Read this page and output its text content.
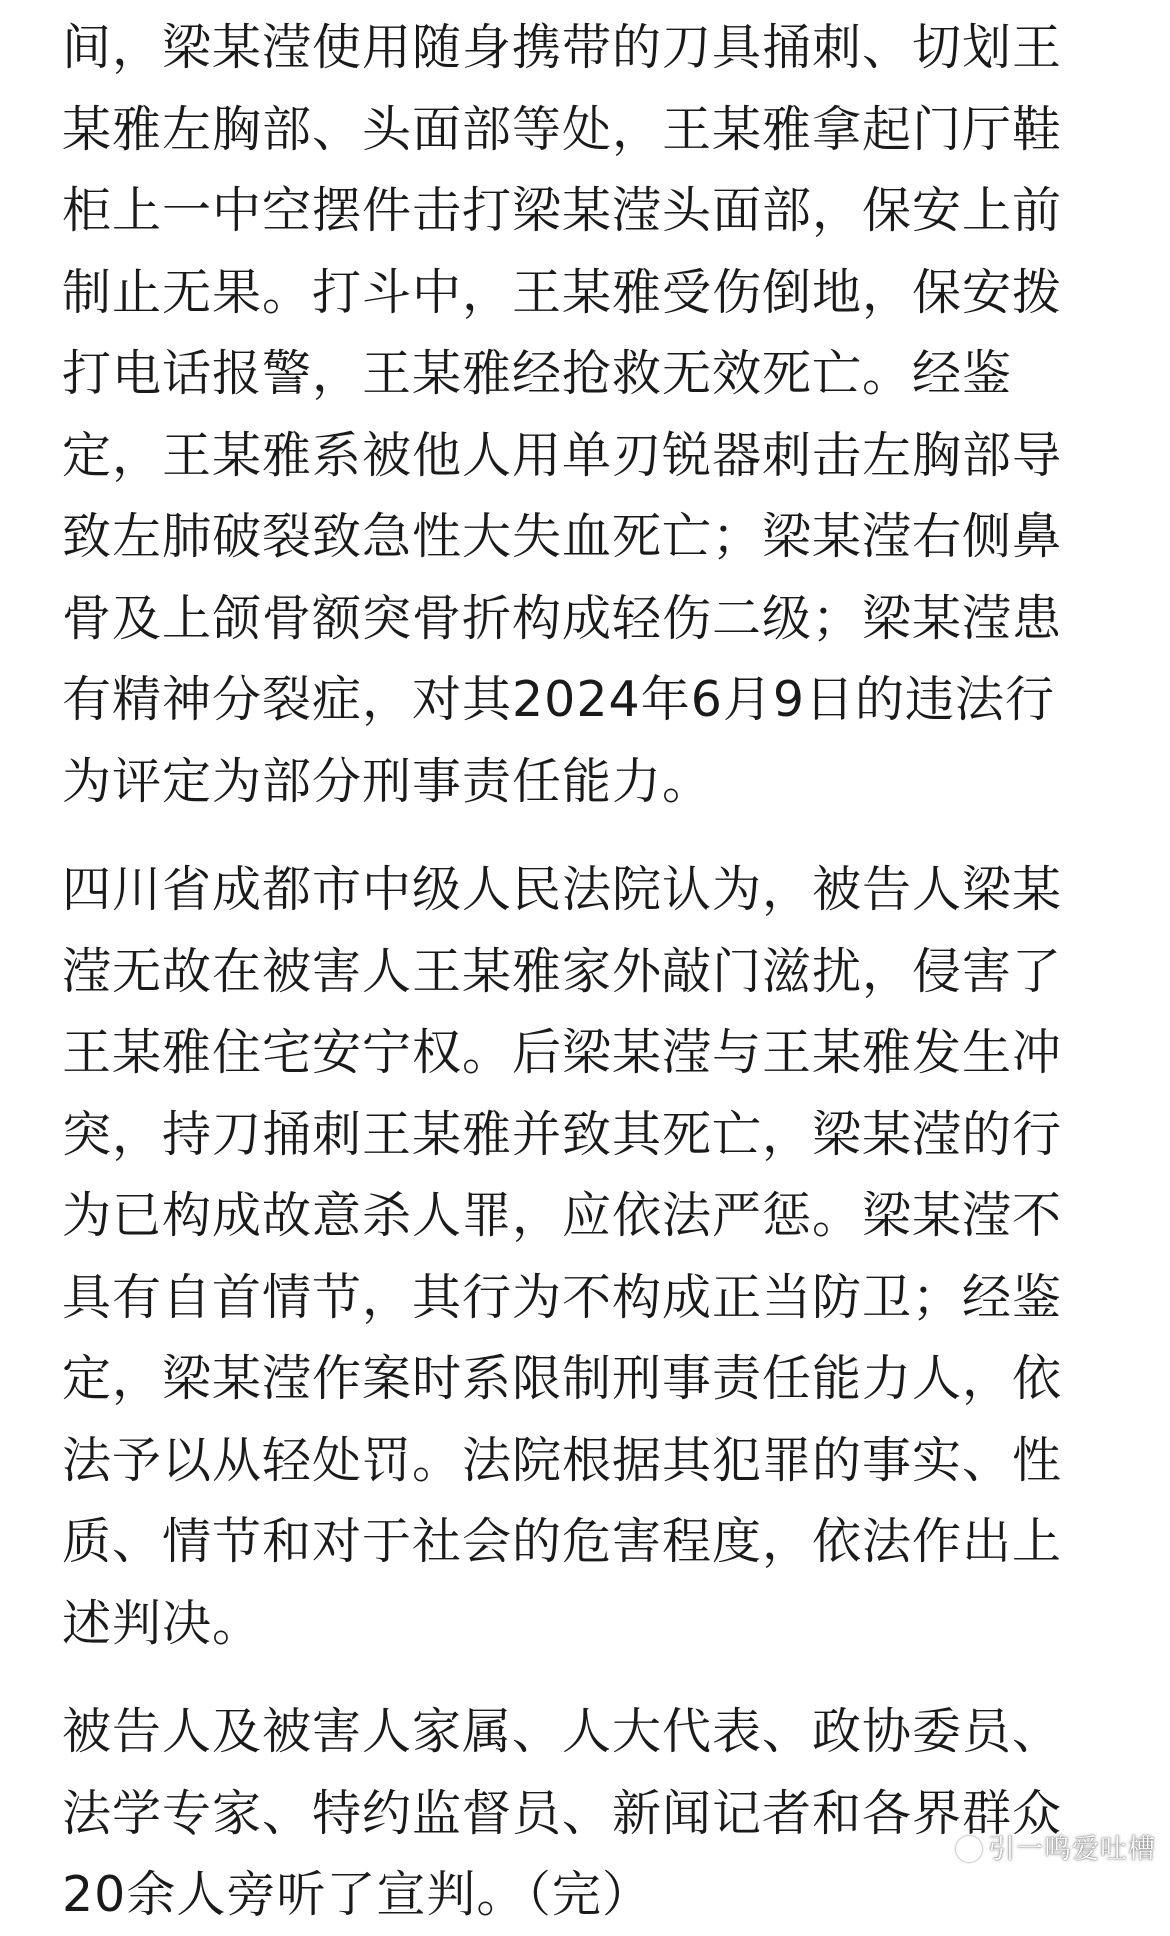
间，梁某滢使用随身携带的刀具捅刺、切划王
某雅左胸部、头面部等处，王某雅拿起门厅鞋
柜上一中空摆件击打梁某滢头面部，保安上前
制止无果。打斗中，王某雅受伤倒地，保安拨
打电话报警，王某雅经抢救无效死亡。经鉴
定，王某雅系被他人用单刃锐器刺击左胸部导
致左肺破裂致急性大失血死亡；梁某滢右侧鼻
骨及上颌骨额突骨折构成轻伤二级；梁某滢患
有精神分裂症，对其2024年6月9日的违法行
为评定为部分刑事责任能力。

四川省成都市中级人民法院认为，被告人梁某
滢无故在被害人王某雅家外敲门滋扰，侵害了
王某雅住宅安宁权。后梁某滢与王某雅发生冲
突，持刀捅刺王某雅并致其死亡，梁某滢的行
为已构成故意杀人罪，应依法严惩。梁某滢不
具有自首情节，其行为不构成正当防卫；经鉴
定，梁某滢作案时系限制刑事责任能力人，依
法予以从轻处罚。法院根据其犯罪的事实、性
质、情节和对于社会的危害程度，依法作出上
述判决。

被告人及被害人家属、人大代表、政协委员、
法学专家、特约监督员、新闻记者和各界群众
20余人旁听了宣判。（完）

引一鸣爱吐槽
